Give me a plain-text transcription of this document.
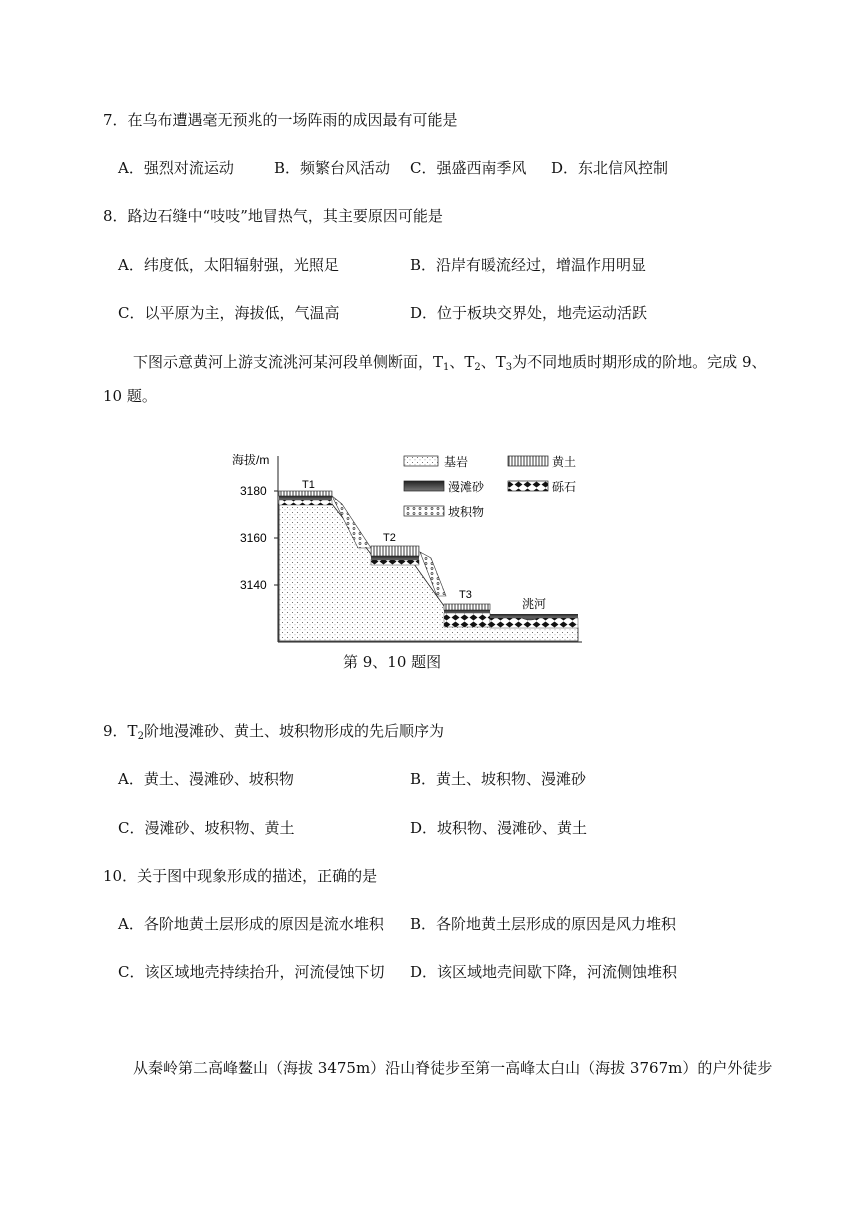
7．在乌布遭遇毫无预兆的一场阵雨的成因最有可能是
A．强烈对流运动	B．频繁台风活动 C．强盛西南季风 D．东北信风控制
8．路边石缝中“吱吱”地冒热气，其主要原因可能是
A．纬度低，太阳辐射强，光照足	B．沿岸有暖流经过，增温作用明显
C．以平原为主，海拔低，气温高	D．位于板块交界处，地壳运动活跃
下图示意黄河上游支流洮河某河段单侧断面，$T_1$、$T_2$、$T_3$为不同地质时期形成的阶地。完成 9、
10 题。
海拔/m
3180
3160
3140
T1
T2
T3
洮河
基岩	黄土
漫滩砂	砾石
坡积物
第 9、10 题图
9．$T_2$阶地漫滩砂、黄土、坡积物形成的先后顺序为
A．黄土、漫滩砂、坡积物	B．黄土、坡积物、漫滩砂
C．漫滩砂、坡积物、黄土	D．坡积物、漫滩砂、黄土
10．关于图中现象形成的描述，正确的是
A．各阶地黄土层形成的原因是流水堆积 B．各阶地黄土层形成的原因是风力堆积
C．该区域地壳持续抬升，河流侵蚀下切 D．该区域地壳间歇下降，河流侧蚀堆积
从秦岭第二高峰鳌山（海拔 3475m）沿山脊徒步至第一高峰太白山（海拔 3767m）的户外徒步
